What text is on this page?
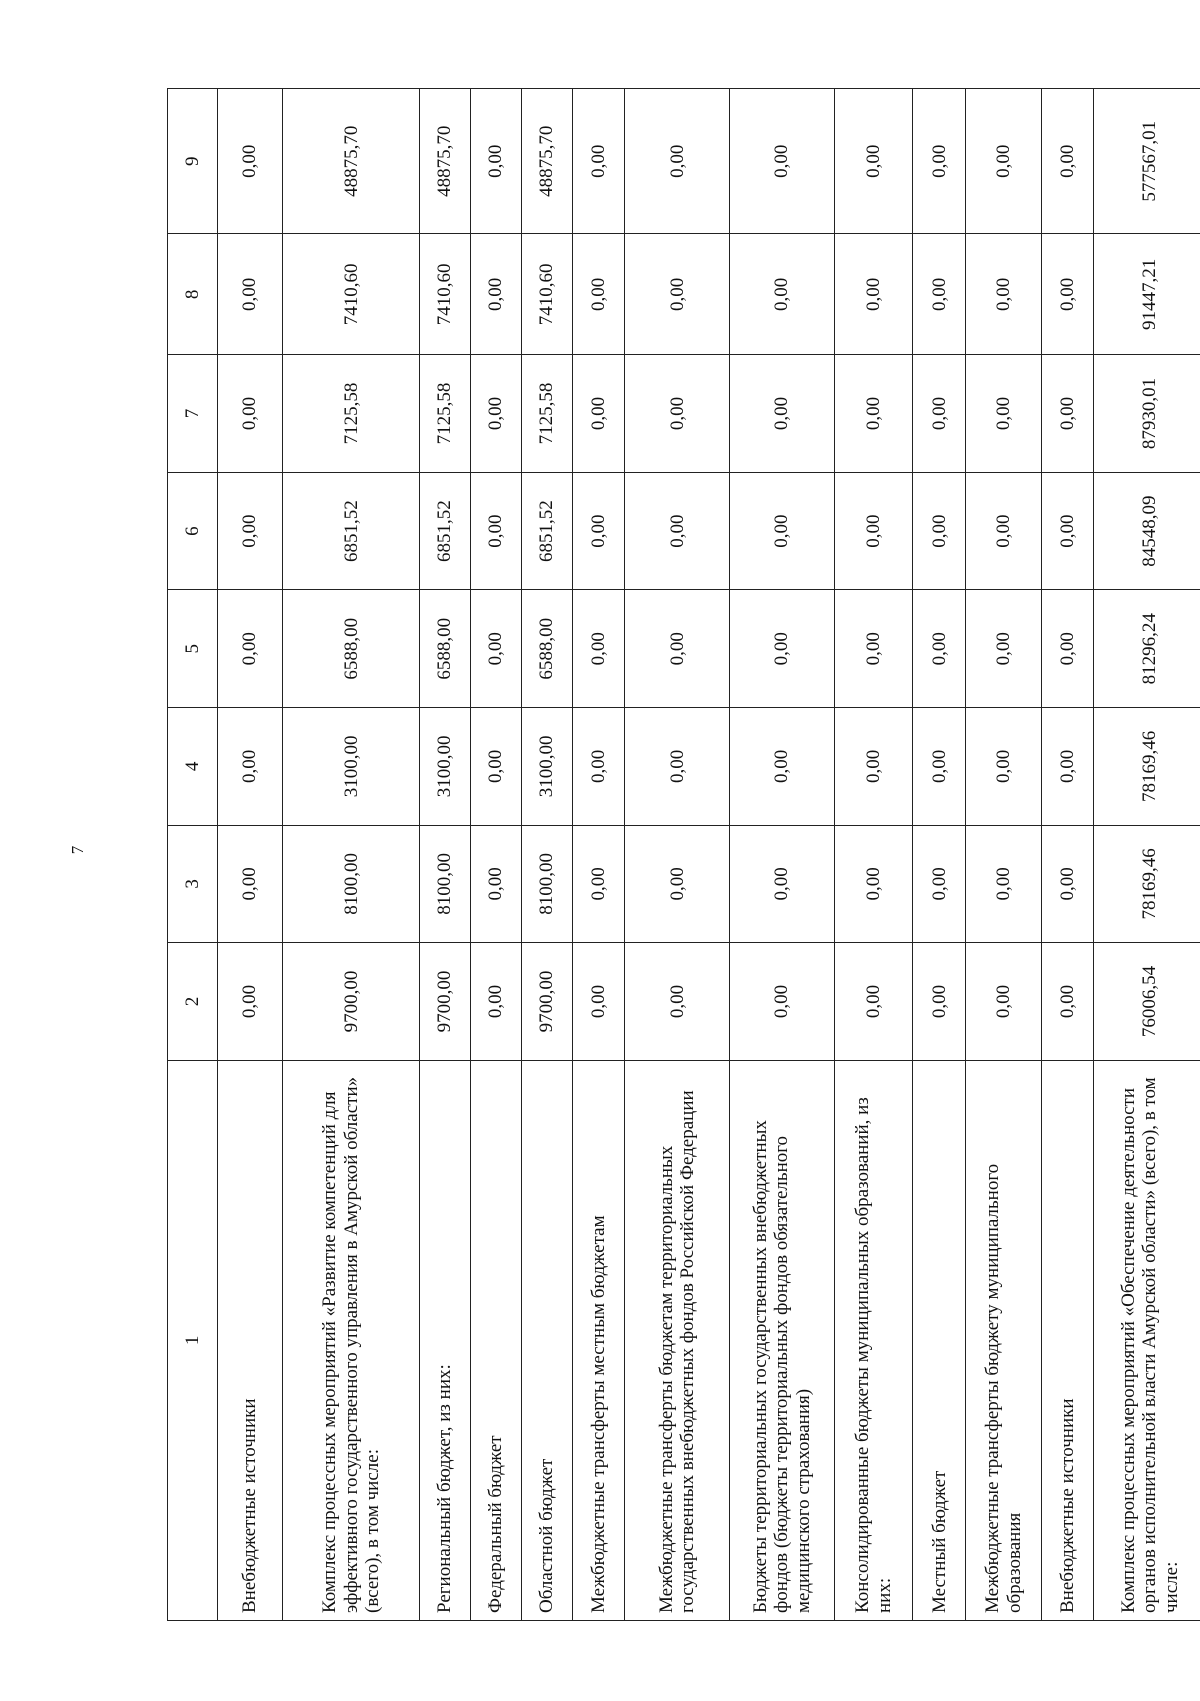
7
1	2	3	4	5	6	7	8	9
Внебюджетные источники	0,00	0,00	0,00	0,00	0,00	0,00	0,00	0,00
Комплекс процессных мероприятий «Развитие компетенций для эффективного государственного управления в Амурской области» (всего), в том числе:	9700,00	8100,00	3100,00	6588,00	6851,52	7125,58	7410,60	48875,70
Региональный бюджет, из них:	9700,00	8100,00	3100,00	6588,00	6851,52	7125,58	7410,60	48875,70
Федеральный бюджет	0,00	0,00	0,00	0,00	0,00	0,00	0,00	0,00
Областной бюджет	9700,00	8100,00	3100,00	6588,00	6851,52	7125,58	7410,60	48875,70
Межбюджетные трансферты местным бюджетам	0,00	0,00	0,00	0,00	0,00	0,00	0,00	0,00
Межбюджетные трансферты бюджетам территориальных государственных внебюджетных фондов Российской Федерации	0,00	0,00	0,00	0,00	0,00	0,00	0,00	0,00
Бюджеты территориальных государственных внебюджетных фондов (бюджеты территориальных фондов обязательного медицинского страхования)	0,00	0,00	0,00	0,00	0,00	0,00	0,00	0,00
Консолидированные бюджеты муниципальных образований, из них:	0,00	0,00	0,00	0,00	0,00	0,00	0,00	0,00
Местный бюджет	0,00	0,00	0,00	0,00	0,00	0,00	0,00	0,00
Межбюджетные трансферты бюджету муниципального образования	0,00	0,00	0,00	0,00	0,00	0,00	0,00	0,00
Внебюджетные источники	0,00	0,00	0,00	0,00	0,00	0,00	0,00	0,00
Комплекс процессных мероприятий «Обеспечение деятельности органов исполнительной власти Амурской области» (всего), в том числе:	76006,54	78169,46	78169,46	81296,24	84548,09	87930,01	91447,21	577567,01
